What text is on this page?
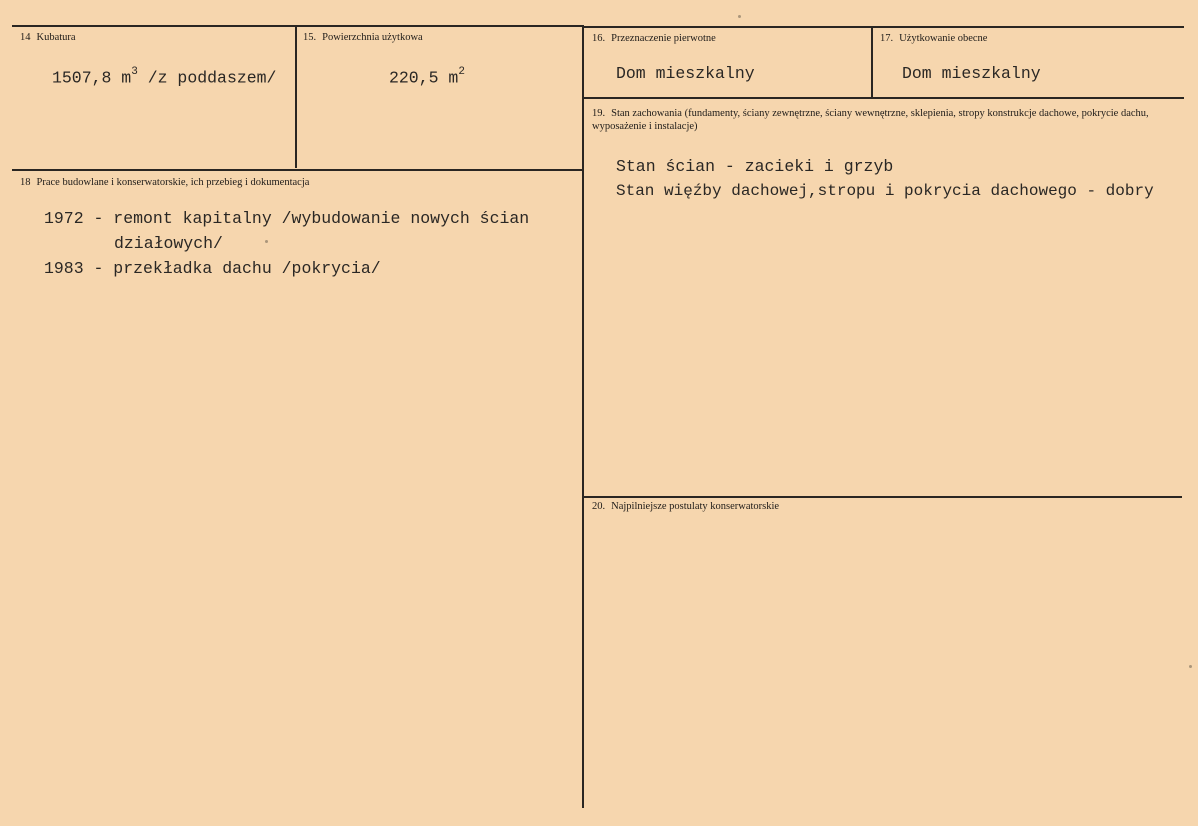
14 Kubatura
1507,8 $m^3$ /z poddaszem/
15. Powierzchnia użytkowa
220,5 $m^2$
16. Przeznaczenie pierwotne
Dom mieszkalny
17. Użytkowanie obecne
Dom mieszkalny
18 Prace budowlane i konserwatorskie, ich przebieg i dokumentacja
1972 - remont kapitalny /wybudowanie nowych ścian
działowych/
1983 - przekładka dachu /pokrycia/
19. Stan zachowania (fundamenty, ściany zewnętrzne, ściany wewnętrzne, sklepienia, stropy konstrukcje dachowe, pokrycie dachu, wyposażenie i instalacje)
Stan ścian - zacieki i grzyb
Stan więźby dachowej,stropu i pokrycia dachowego - dobry
20. Najpilniejsze postulaty konserwatorskie
